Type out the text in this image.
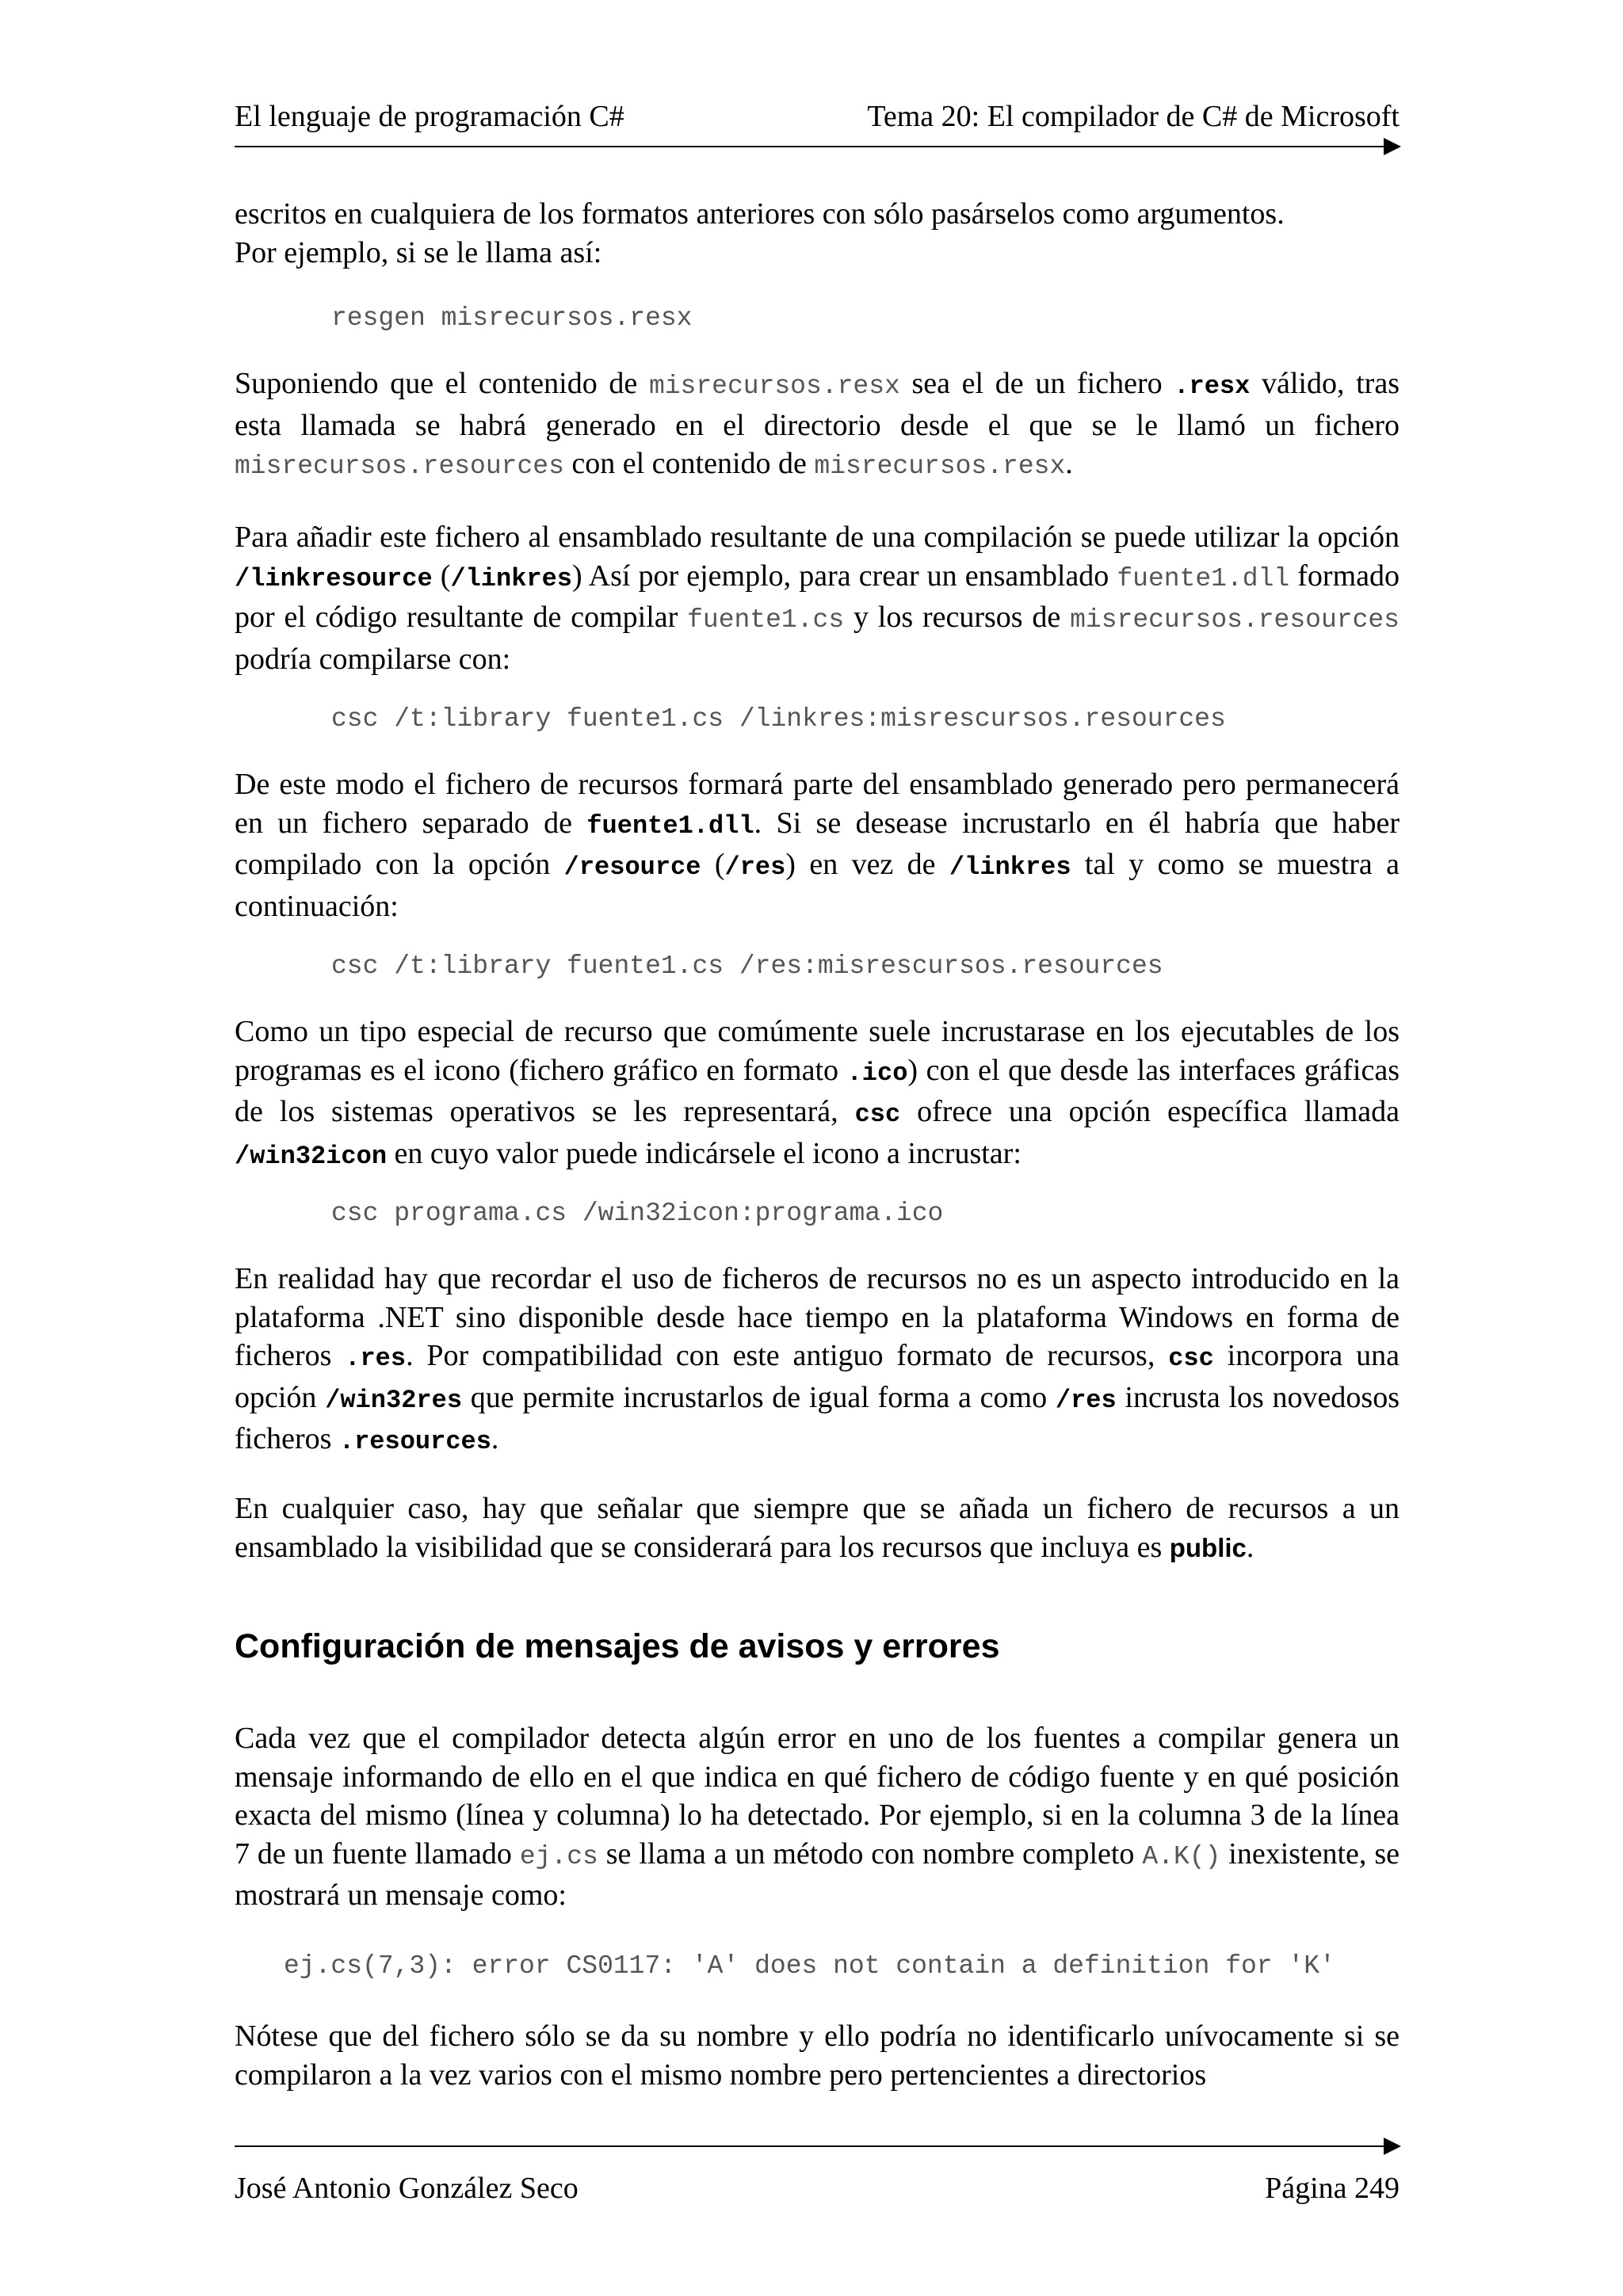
El lenguaje de programación C#	Tema 20: El compilador de C# de Microsoft

escritos en cualquiera de los formatos anteriores con sólo pasárselos como argumentos.
Por ejemplo, si se le llama así:

resgen misrecursos.resx

Suponiendo que el contenido de misrecursos.resx sea el de un fichero .resx válido, tras esta llamada se habrá generado en el directorio desde el que se le llamó un fichero misrecursos.resources con el contenido de misrecursos.resx.

Para añadir este fichero al ensamblado resultante de una compilación se puede utilizar la opción /linkresource (/linkres) Así por ejemplo, para crear un ensamblado fuente1.dll formado por el código resultante de compilar fuente1.cs y los recursos de misrecursos.resources podría compilarse con:

csc /t:library fuente1.cs /linkres:misrescursos.resources

De este modo el fichero de recursos formará parte del ensamblado generado pero permanecerá en un fichero separado de fuente1.dll. Si se desease incrustarlo en él habría que haber compilado con la opción /resource (/res) en vez de /linkres tal y como se muestra a continuación:

csc /t:library fuente1.cs /res:misrescursos.resources

Como un tipo especial de recurso que comúmente suele incrustarase en los ejecutables de los programas es el icono (fichero gráfico en formato .ico) con el que desde las interfaces gráficas de los sistemas operativos se les representará, csc ofrece una opción específica llamada /win32icon en cuyo valor puede indicársele el icono a incrustar:

csc programa.cs /win32icon:programa.ico

En realidad hay que recordar el uso de ficheros de recursos no es un aspecto introducido en la plataforma .NET sino disponible desde hace tiempo en la plataforma Windows en forma de ficheros .res. Por compatibilidad con este antiguo formato de recursos, csc incorpora una opción /win32res que permite incrustarlos de igual forma a como /res incrusta los novedosos ficheros .resources.

En cualquier caso, hay que señalar que siempre que se añada un fichero de recursos a un ensamblado la visibilidad que se considerará para los recursos que incluya es public.

Configuración de mensajes de avisos y errores

Cada vez que el compilador detecta algún error en uno de los fuentes a compilar genera un mensaje informando de ello en el que indica en qué fichero de código fuente y en qué posición exacta del mismo (línea y columna) lo ha detectado. Por ejemplo, si en la columna 3 de la línea 7 de un fuente llamado ej.cs se llama a un método con nombre completo A.K() inexistente, se mostrará un mensaje como:

ej.cs(7,3): error CS0117: 'A' does not contain a definition for 'K'

Nótese que del fichero sólo se da su nombre y ello podría no identificarlo unívocamente si se compilaron a la vez varios con el mismo nombre pero pertencientes a directorios

José Antonio González Seco	Página 249
